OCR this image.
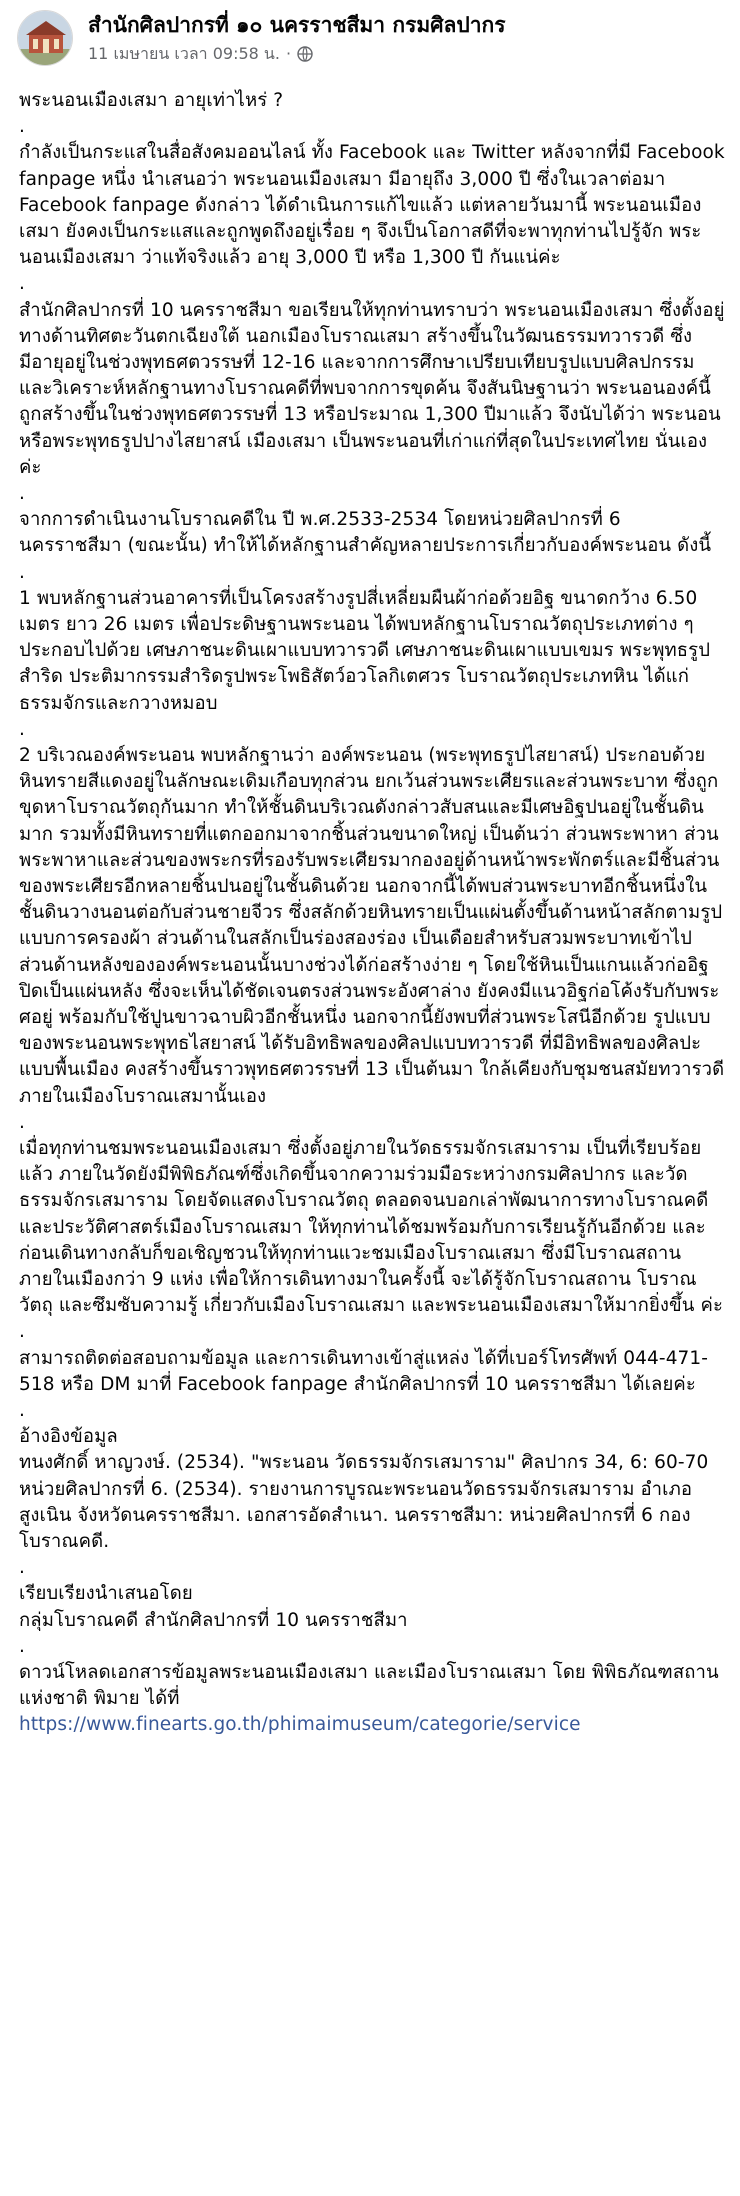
สำนักศิลปากรที่ ๑๐ นครราชสีมา กรมศิลปากร
11 เมษายน เวลา 09:58 น. ·

พระนอนเมืองเสมา อายุเท่าไหร่ ?

.

กำลังเป็นกระแสในสื่อสังคมออนไลน์ ทั้ง Facebook และ Twitter หลังจากที่มี Facebook fanpage หนึ่ง นำเสนอว่า พระนอนเมืองเสมา มีอายุถึง 3,000 ปี ซึ่งในเวลาต่อมา Facebook fanpage ดังกล่าว ได้ดำเนินการแก้ไขแล้ว แต่หลายวันมานี้ พระนอนเมืองเสมา ยังคงเป็นกระแสและถูกพูดถึงอยู่เรื่อย ๆ จึงเป็นโอกาสดีที่จะพาทุกท่านไปรู้จัก พระนอนเมืองเสมา ว่าแท้จริงแล้ว อายุ 3,000 ปี หรือ 1,300 ปี กันแน่ค่ะ

.

สำนักศิลปากรที่ 10 นครราชสีมา ขอเรียนให้ทุกท่านทราบว่า พระนอนเมืองเสมา ซึ่งตั้งอยู่ทางด้านทิศตะวันตกเฉียงใต้ นอกเมืองโบราณเสมา สร้างขึ้นในวัฒนธรรมทวารวดี ซึ่งมีอายุอยู่ในช่วงพุทธศตวรรษที่ 12-16 และจากการศึกษาเปรียบเทียบรูปแบบศิลปกรรม และวิเคราะห์หลักฐานทางโบราณคดีที่พบจากการขุดค้น จึงสันนิษฐานว่า พระนอนองค์นี้ ถูกสร้างขึ้นในช่วงพุทธศตวรรษที่ 13 หรือประมาณ 1,300 ปีมาแล้ว จึงนับได้ว่า พระนอน หรือพระพุทธรูปปางไสยาสน์ เมืองเสมา เป็นพระนอนที่เก่าแก่ที่สุดในประเทศไทย นั่นเองค่ะ

.

จากการดำเนินงานโบราณคดีใน ปี พ.ศ.2533-2534 โดยหน่วยศิลปากรที่ 6 นครราชสีมา (ขณะนั้น) ทำให้ได้หลักฐานสำคัญหลายประการเกี่ยวกับองค์พระนอน ดังนี้

.

1 พบหลักฐานส่วนอาคารที่เป็นโครงสร้างรูปสี่เหลี่ยมผืนผ้าก่อด้วยอิฐ ขนาดกว้าง 6.50 เมตร ยาว 26 เมตร เพื่อประดิษฐานพระนอน ได้พบหลักฐานโบราณวัตถุประเภทต่าง ๆ ประกอบไปด้วย เศษภาชนะดินเผาแบบทวารวดี เศษภาชนะดินเผาแบบเขมร พระพุทธรูปสำริด ประติมากรรมสำริดรูปพระโพธิสัตว์อวโลกิเตศวร โบราณวัตถุประเภทหิน ได้แก่ ธรรมจักรและกวางหมอบ

.

2 บริเวณองค์พระนอน พบหลักฐานว่า องค์พระนอน (พระพุทธรูปไสยาสน์) ประกอบด้วยหินทรายสีแดงอยู่ในลักษณะเดิมเกือบทุกส่วน ยกเว้นส่วนพระเศียรและส่วนพระบาท ซึ่งถูกขุดหาโบราณวัตถุกันมาก ทำให้ชั้นดินบริเวณดังกล่าวสับสนและมีเศษอิฐปนอยู่ในชั้นดินมาก รวมทั้งมีหินทรายที่แตกออกมาจากชิ้นส่วนขนาดใหญ่ เป็นต้นว่า ส่วนพระพาหา ส่วนพระพาหาและส่วนของพระกรที่รองรับพระเศียรมากองอยู่ด้านหน้าพระพักตร์และมีชิ้นส่วนของพระเศียรอีกหลายชิ้นปนอยู่ในชั้นดินด้วย นอกจากนี้ได้พบส่วนพระบาทอีกชิ้นหนึ่งในชั้นดินวางนอนต่อกับส่วนชายจีวร ซึ่งสลักด้วยหินทรายเป็นแผ่นตั้งขึ้นด้านหน้าสลักตามรูปแบบการครองผ้า ส่วนด้านในสลักเป็นร่องสองร่อง เป็นเดือยสำหรับสวมพระบาทเข้าไป ส่วนด้านหลังขององค์พระนอนนั้นบางช่วงได้ก่อสร้างง่าย ๆ โดยใช้หินเป็นแกนแล้วก่ออิฐปิดเป็นแผ่นหลัง ซึ่งจะเห็นได้ชัดเจนตรงส่วนพระอังศาล่าง ยังคงมีแนวอิฐก่อโค้งรับกับพระศอยู่ พร้อมกับใช้ปูนขาวฉาบผิวอีกชั้นหนึ่ง นอกจากนี้ยังพบที่ส่วนพระโสนีอีกด้วย รูปแบบของพระนอนพระพุทธไสยาสน์ ได้รับอิทธิพลของศิลปแบบทวารวดี ที่มีอิทธิพลของศิลปะแบบพื้นเมือง คงสร้างขึ้นราวพุทธศตวรรษที่ 13 เป็นต้นมา ใกล้เคียงกับชุมชนสมัยทวารวดีภายในเมืองโบราณเสมานั้นเอง

.

เมื่อทุกท่านชมพระนอนเมืองเสมา ซึ่งตั้งอยู่ภายในวัดธรรมจักรเสมาราม เป็นที่เรียบร้อยแล้ว ภายในวัดยังมีพิพิธภัณฑ์ซึ่งเกิดขึ้นจากความร่วมมือระหว่างกรมศิลปากร และวัดธรรมจักรเสมาราม โดยจัดแสดงโบราณวัตถุ ตลอดจนบอกเล่าพัฒนาการทางโบราณคดีและประวัติศาสตร์เมืองโบราณเสมา ให้ทุกท่านได้ชมพร้อมกับการเรียนรู้กันอีกด้วย และก่อนเดินทางกลับก็ขอเชิญชวนให้ทุกท่านแวะชมเมืองโบราณเสมา ซึ่งมีโบราณสถานภายในเมืองกว่า 9 แห่ง เพื่อให้การเดินทางมาในครั้งนี้ จะได้รู้จักโบราณสถาน โบราณวัตถุ และซึมซับความรู้ เกี่ยวกับเมืองโบราณเสมา และพระนอนเมืองเสมาให้มากยิ่งขึ้น ค่ะ

.

สามารถติดต่อสอบถามข้อมูล และการเดินทางเข้าสู่แหล่ง ได้ที่เบอร์โทรศัพท์ 044-471-518 หรือ DM มาที่ Facebook fanpage สำนักศิลปากรที่ 10 นครราชสีมา ได้เลยค่ะ

.

อ้างอิงข้อมูล
ทนงศักดิ์ หาญวงษ์. (2534). "พระนอน วัดธรรมจักรเสมาราม" ศิลปากร 34, 6: 60-70
หน่วยศิลปากรที่ 6. (2534). รายงานการบูรณะพระนอนวัดธรรมจักรเสมาราม อำเภอสูงเนิน จังหวัดนครราชสีมา. เอกสารอัดสำเนา. นครราชสีมา: หน่วยศิลปากรที่ 6 กองโบราณคดี.

.

เรียบเรียงนำเสนอโดย
กลุ่มโบราณคดี สำนักศิลปากรที่ 10 นครราชสีมา

.

ดาวน์โหลดเอกสารข้อมูลพระนอนเมืองเสมา และเมืองโบราณเสมา โดย พิพิธภัณฑสถานแห่งชาติ พิมาย ได้ที่

https://www.finearts.go.th/phimaimuseum/categorie/service
